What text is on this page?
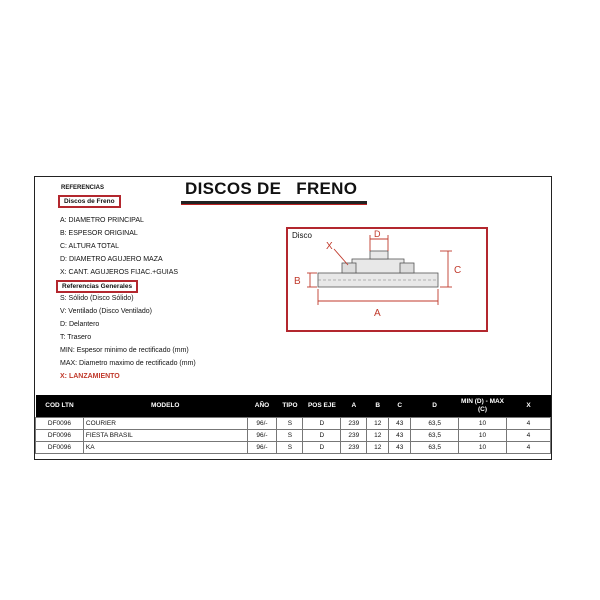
REFERENCIAS	DISCOS DE   FRENO
Discos de Freno
A: DIAMETRO PRINCIPAL
B: ESPESOR ORIGINAL
C: ALTURA TOTAL
D: DIAMETRO AGUJERO MAZA
X: CANT. AGUJEROS FIJAC.+GUIAS
Referencias Generales
S: Sólido (Disco Sólido)
V: Ventilado (Disco Ventilado)
D: Delantero
T: Trasero
MIN: Espesor minimo de rectificado (mm)
MAX: Diametro maximo de rectificado (mm)
X: LANZAMIENTO
A
B
C
D
X
Disco
COD LTN	MODELO	AÑO	TIPO	POS EJE	A	B	C	D	MIN (D) - MAX (C)	X
DF0096	COURIER	96/-	S	D	239	12	43	63,5	10	4
DF0096	FIESTA BRASIL	96/-	S	D	239	12	43	63,5	10	4
DF0096	KA	96/-	S	D	239	12	43	63,5	10	4
